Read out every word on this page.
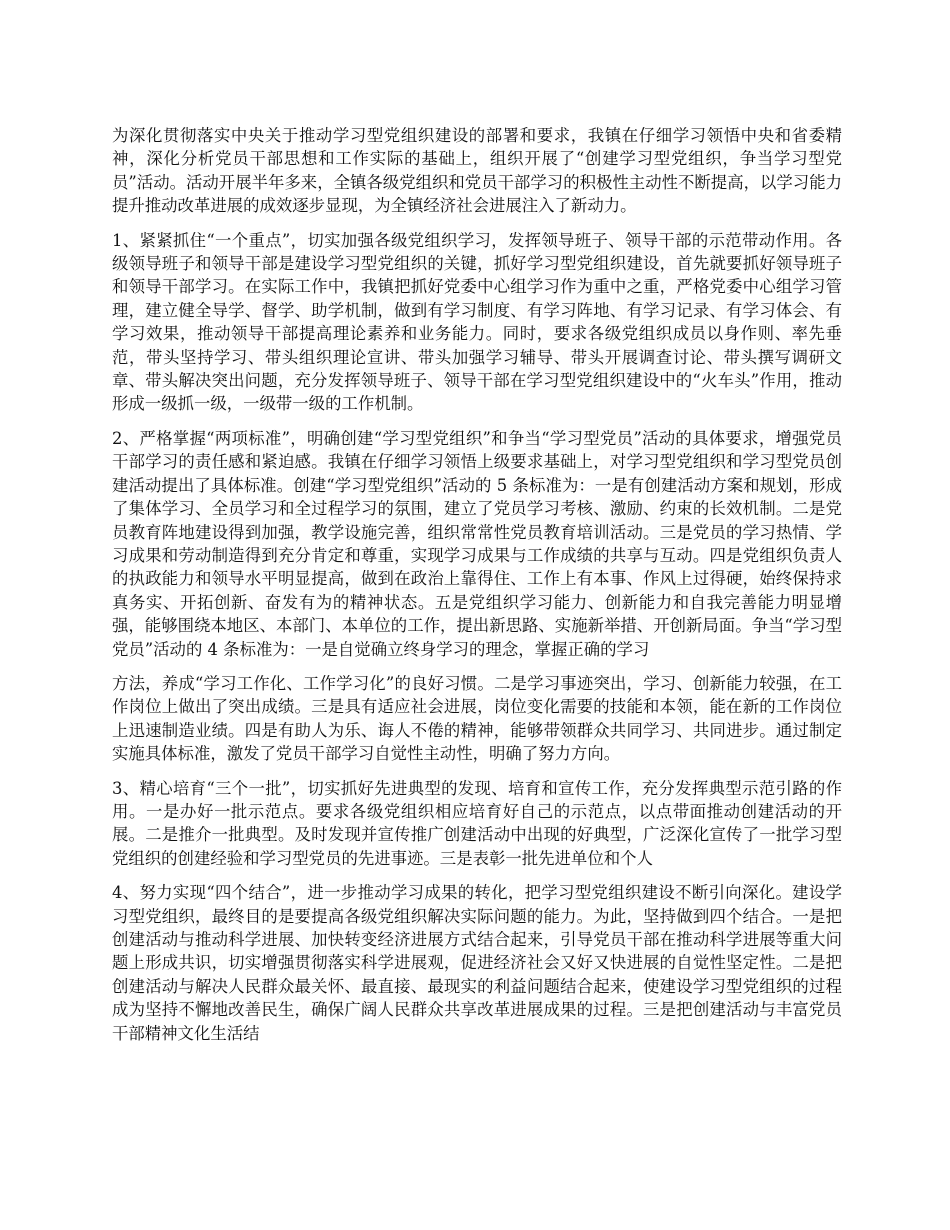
为深化贯彻落实中央关于推动学习型党组织建设的部署和要求，我镇在仔细学习领悟中央和省委精神，深化分析党员干部思想和工作实际的基础上，组织开展了“创建学习型党组织，争当学习型党员”活动。活动开展半年多来，全镇各级党组织和党员干部学习的积极性主动性不断提高，以学习能力提升推动改革进展的成效逐步显现，为全镇经济社会进展注入了新动力。

1、紧紧抓住“一个重点”，切实加强各级党组织学习，发挥领导班子、领导干部的示范带动作用。各级领导班子和领导干部是建设学习型党组织的关键，抓好学习型党组织建设，首先就要抓好领导班子和领导干部学习。在实际工作中，我镇把抓好党委中心组学习作为重中之重，严格党委中心组学习管理，建立健全导学、督学、助学机制，做到有学习制度、有学习阵地、有学习记录、有学习体会、有学习效果，推动领导干部提高理论素养和业务能力。同时，要求各级党组织成员以身作则、率先垂范，带头坚持学习、带头组织理论宣讲、带头加强学习辅导、带头开展调查讨论、带头撰写调研文章、带头解决突出问题，充分发挥领导班子、领导干部在学习型党组织建设中的“火车头”作用，推动形成一级抓一级，一级带一级的工作机制。

2、严格掌握“两项标准”，明确创建“学习型党组织”和争当“学习型党员”活动的具体要求，增强党员干部学习的责任感和紧迫感。我镇在仔细学习领悟上级要求基础上，对学习型党组织和学习型党员创建活动提出了具体标准。创建“学习型党组织”活动的 5 条标准为：一是有创建活动方案和规划，形成了集体学习、全员学习和全过程学习的氛围，建立了党员学习考核、激励、约束的长效机制。二是党员教育阵地建设得到加强，教学设施完善，组织常常性党员教育培训活动。三是党员的学习热情、学习成果和劳动制造得到充分肯定和尊重，实现学习成果与工作成绩的共享与互动。四是党组织负责人的执政能力和领导水平明显提高，做到在政治上靠得住、工作上有本事、作风上过得硬，始终保持求真务实、开拓创新、奋发有为的精神状态。五是党组织学习能力、创新能力和自我完善能力明显增强，能够围绕本地区、本部门、本单位的工作，提出新思路、实施新举措、开创新局面。争当“学习型党员”活动的 4 条标准为：一是自觉确立终身学习的理念，掌握正确的学习

方法，养成“学习工作化、工作学习化”的良好习惯。二是学习事迹突出，学习、创新能力较强，在工作岗位上做出了突出成绩。三是具有适应社会进展，岗位变化需要的技能和本领，能在新的工作岗位上迅速制造业绩。四是有助人为乐、诲人不倦的精神，能够带领群众共同学习、共同进步。通过制定实施具体标准，激发了党员干部学习自觉性主动性，明确了努力方向。

3、精心培育“三个一批”，切实抓好先进典型的发现、培育和宣传工作，充分发挥典型示范引路的作用。一是办好一批示范点。要求各级党组织相应培育好自己的示范点，以点带面推动创建活动的开展。二是推介一批典型。及时发现并宣传推广创建活动中出现的好典型，广泛深化宣传了一批学习型党组织的创建经验和学习型党员的先进事迹。三是表彰一批先进单位和个人

4、努力实现“四个结合”，进一步推动学习成果的转化，把学习型党组织建设不断引向深化。建设学习型党组织，最终目的是要提高各级党组织解决实际问题的能力。为此，坚持做到四个结合。一是把创建活动与推动科学进展、加快转变经济进展方式结合起来，引导党员干部在推动科学进展等重大问题上形成共识，切实增强贯彻落实科学进展观，促进经济社会又好又快进展的自觉性坚定性。二是把创建活动与解决人民群众最关怀、最直接、最现实的利益问题结合起来，使建设学习型党组织的过程成为坚持不懈地改善民生，确保广阔人民群众共享改革进展成果的过程。三是把创建活动与丰富党员干部精神文化生活结
